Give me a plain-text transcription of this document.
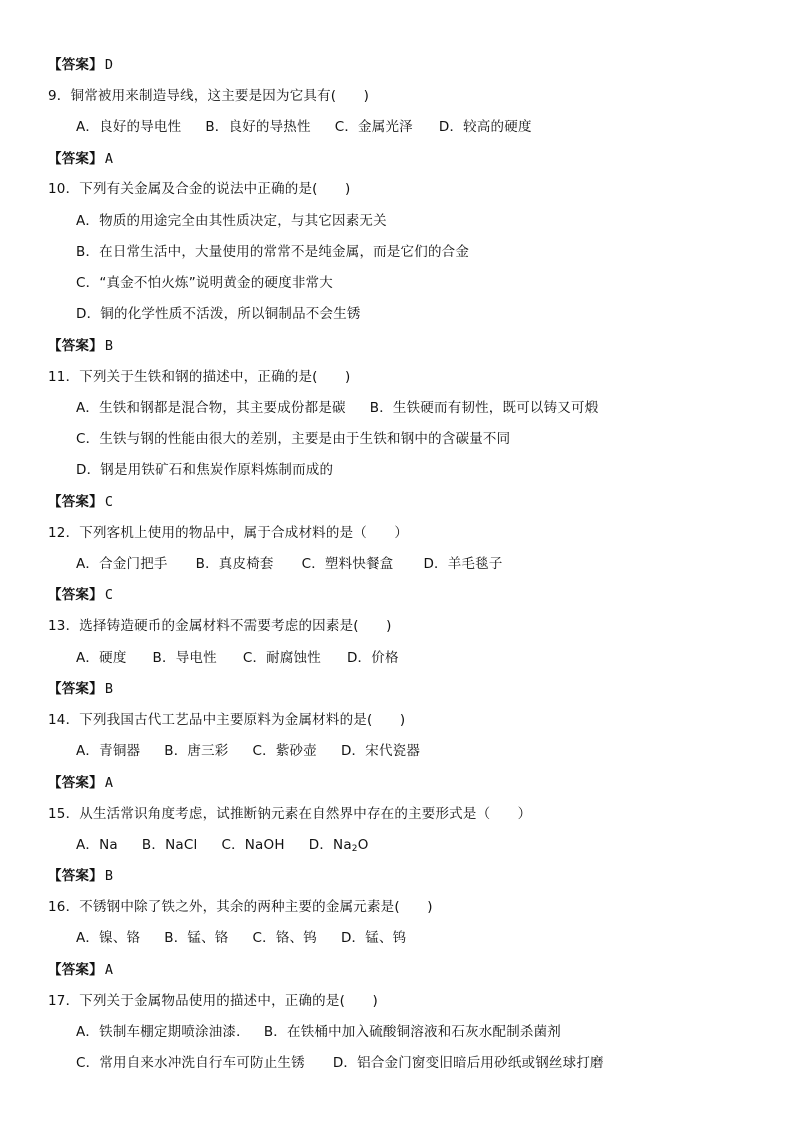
【答案】 D
9．铜常被用来制造导线，这主要是因为它具有(　　)
A．良好的导电性 B．良好的导热性 C．金属光泽 D．较高的硬度
【答案】 A
10．下列有关金属及合金的说法中正确的是(　　)
A．物质的用途完全由其性质决定，与其它因素无关
B．在日常生活中，大量使用的常常不是纯金属，而是它们的合金
C．“真金不怕火炼”说明黄金的硬度非常大
D．铜的化学性质不活泼，所以铜制品不会生锈
【答案】 B
11．下列关于生铁和钢的描述中，正确的是(　　)
A．生铁和钢都是混合物，其主要成份都是碳 B．生铁硬而有韧性，既可以铸又可煅
C．生铁与钢的性能由很大的差别，主要是由于生铁和钢中的含碳量不同
D．钢是用铁矿石和焦炭作原料炼制而成的
【答案】 C
12．下列客机上使用的物品中，属于合成材料的是（　　）
A．合金门把手 B．真皮椅套 C．塑料快餐盒 D．羊毛毯子
【答案】 C
13．选择铸造硬币的金属材料不需要考虑的因素是(　　)
A．硬度 B．导电性 C．耐腐蚀性 D．价格
【答案】 B
14．下列我国古代工艺品中主要原料为金属材料的是(　　)
A．青铜器 B．唐三彩 C．紫砂壶 D．宋代瓷器
【答案】 A
15．从生活常识角度考虑，试推断钠元素在自然界中存在的主要形式是（　　）
A．Na B．NaCl C．NaOH D．$Na_2O$
【答案】 B
16．不锈钢中除了铁之外，其余的两种主要的金属元素是(　　)
A．镍、铬 B．锰、铬 C．铬、钨 D．锰、钨
【答案】 A
17．下列关于金属物品使用的描述中，正确的是(　　)
A．铁制车棚定期喷涂油漆． B．在铁桶中加入硫酸铜溶液和石灰水配制杀菌剂
C．常用自来水冲洗自行车可防止生锈 D．铝合金门窗变旧暗后用砂纸或钢丝球打磨
